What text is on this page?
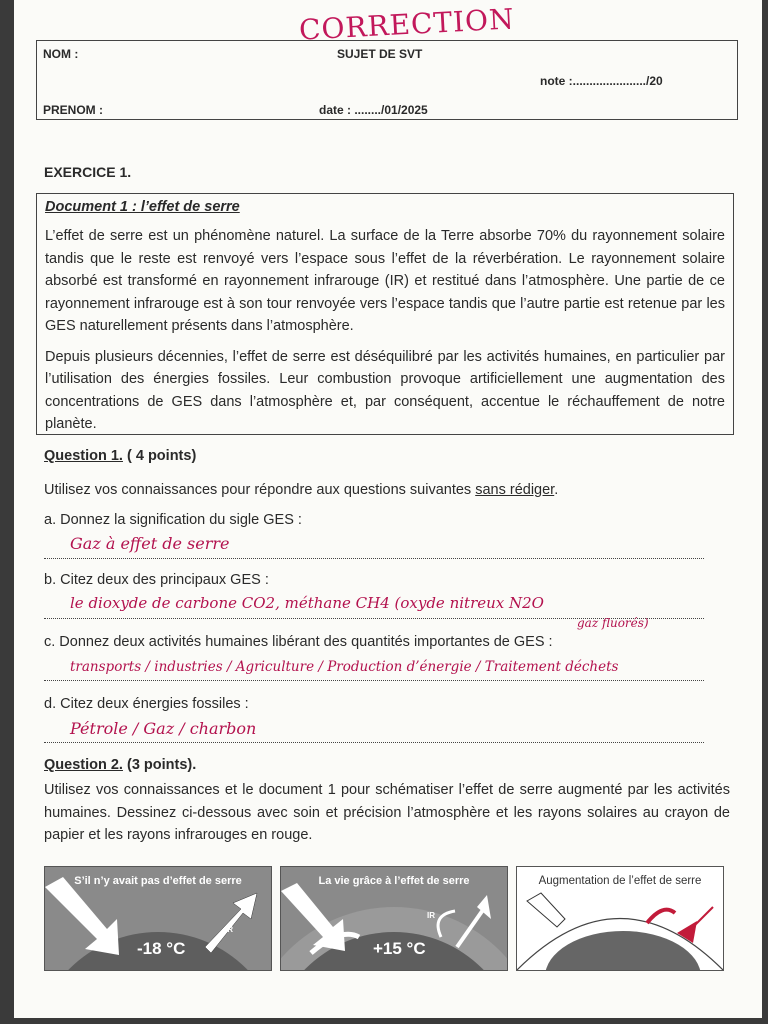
CORRECTION
NOM :	SUJET DE SVT
note :....................../20
PRENOM :	date : ......../01/2025
EXERCICE 1.
Document 1 : l’effet de serre
L’effet de serre est un phénomène naturel. La surface de la Terre absorbe 70% du rayonnement solaire tandis que le reste est renvoyé vers l’espace sous l’effet de la réverbération. Le rayonnement solaire absorbé est transformé en rayonnement infrarouge (IR) et restitué dans l’atmosphère. Une partie de ce rayonnement infrarouge est à son tour renvoyée vers l’espace tandis que l’autre partie est retenue par les GES naturellement présents dans l’atmosphère.
Depuis plusieurs décennies, l’effet de serre est déséquilibré par les activités humaines, en particulier par l’utilisation des énergies fossiles. Leur combustion provoque artificiellement une augmentation des concentrations de GES dans l’atmosphère et, par conséquent, accentue le réchauffement de notre planète.
Question 1. ( 4 points)
Utilisez vos connaissances pour répondre aux questions suivantes sans rédiger.
a. Donnez la signification du sigle GES :
Gaz à effet de serre
b. Citez deux des principaux GES :
le dioxyde de carbone CO2, méthane CH4 (oxyde nitreux N2O
gaz fluorés)
c. Donnez deux activités humaines libérant des quantités importantes de GES :
transports / industries / Agriculture / Production d’énergie / Traitement déchets
d. Citez deux énergies fossiles :
Pétrole / Gaz / charbon
Question 2. (3 points).
Utilisez vos connaissances et le document 1 pour schématiser l’effet de serre augmenté par les activités humaines. Dessinez ci-dessous avec soin et précision l’atmosphère et les rayons solaires au crayon de papier et les rayons infrarouges en rouge.
S’il n’y avait pas d’effet de serre
-18 °C
IR
La vie grâce à l’effet de serre
+15 °C
IR
Augmentation de l’effet de serre
